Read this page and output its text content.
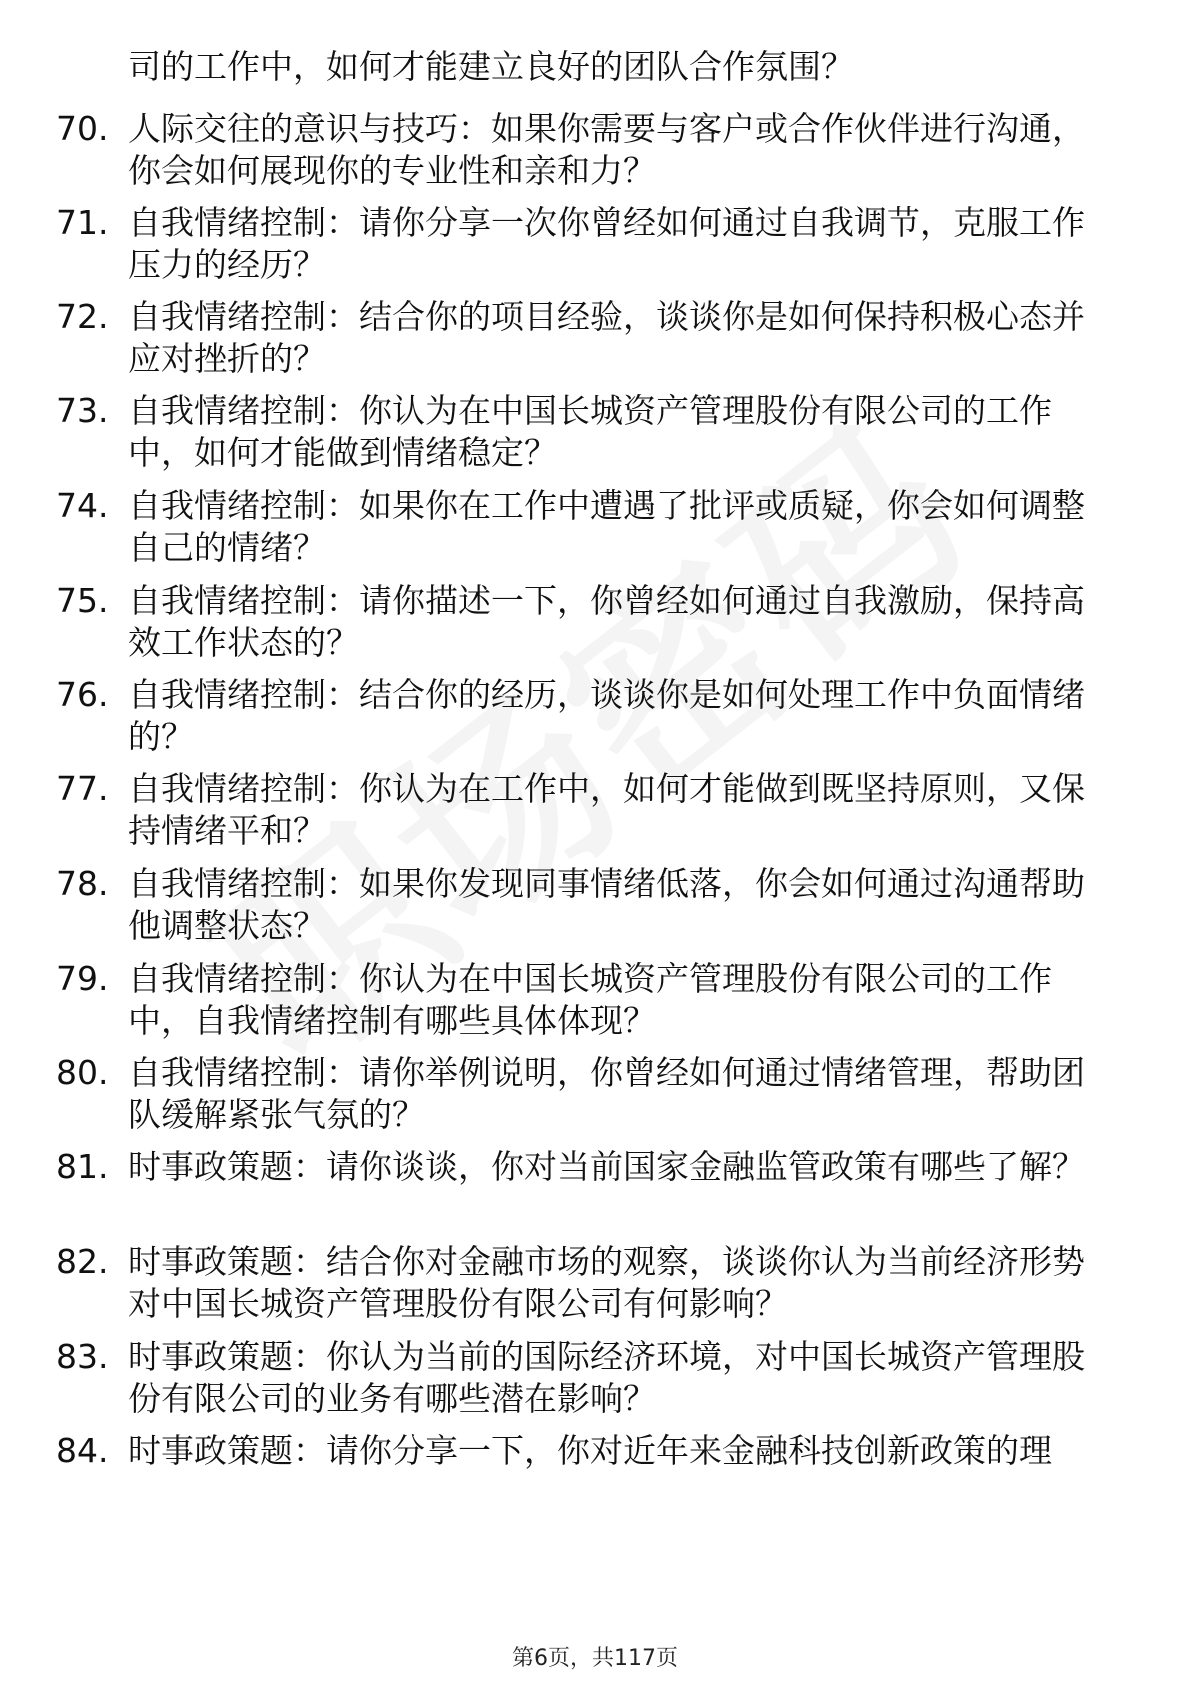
司的工作中，如何才能建立良好的团队合作氛围？
70. 人际交往的意识与技巧：如果你需要与客户或合作伙伴进行沟通，你会如何展现你的专业性和亲和力？
71. 自我情绪控制：请你分享一次你曾经如何通过自我调节，克服工作压力的经历？
72. 自我情绪控制：结合你的项目经验，谈谈你是如何保持积极心态并应对挫折的？
73. 自我情绪控制：你认为在中国长城资产管理股份有限公司的工作中，如何才能做到情绪稳定？
74. 自我情绪控制：如果你在工作中遭遇了批评或质疑，你会如何调整自己的情绪？
75. 自我情绪控制：请你描述一下，你曾经如何通过自我激励，保持高效工作状态的？
76. 自我情绪控制：结合你的经历，谈谈你是如何处理工作中负面情绪的？
77. 自我情绪控制：你认为在工作中，如何才能做到既坚持原则，又保持情绪平和？
78. 自我情绪控制：如果你发现同事情绪低落，你会如何通过沟通帮助他调整状态？
79. 自我情绪控制：你认为在中国长城资产管理股份有限公司的工作中，自我情绪控制有哪些具体体现？
80. 自我情绪控制：请你举例说明，你曾经如何通过情绪管理，帮助团队缓解紧张气氛的？
81. 时事政策题：请你谈谈，你对当前国家金融监管政策有哪些了解？
82. 时事政策题：结合你对金融市场的观察，谈谈你认为当前经济形势对中国长城资产管理股份有限公司有何影响？
83. 时事政策题：你认为当前的国际经济环境，对中国长城资产管理股份有限公司的业务有哪些潜在影响？
84. 时事政策题：请你分享一下，你对近年来金融科技创新政策的理
第6页，共117页
